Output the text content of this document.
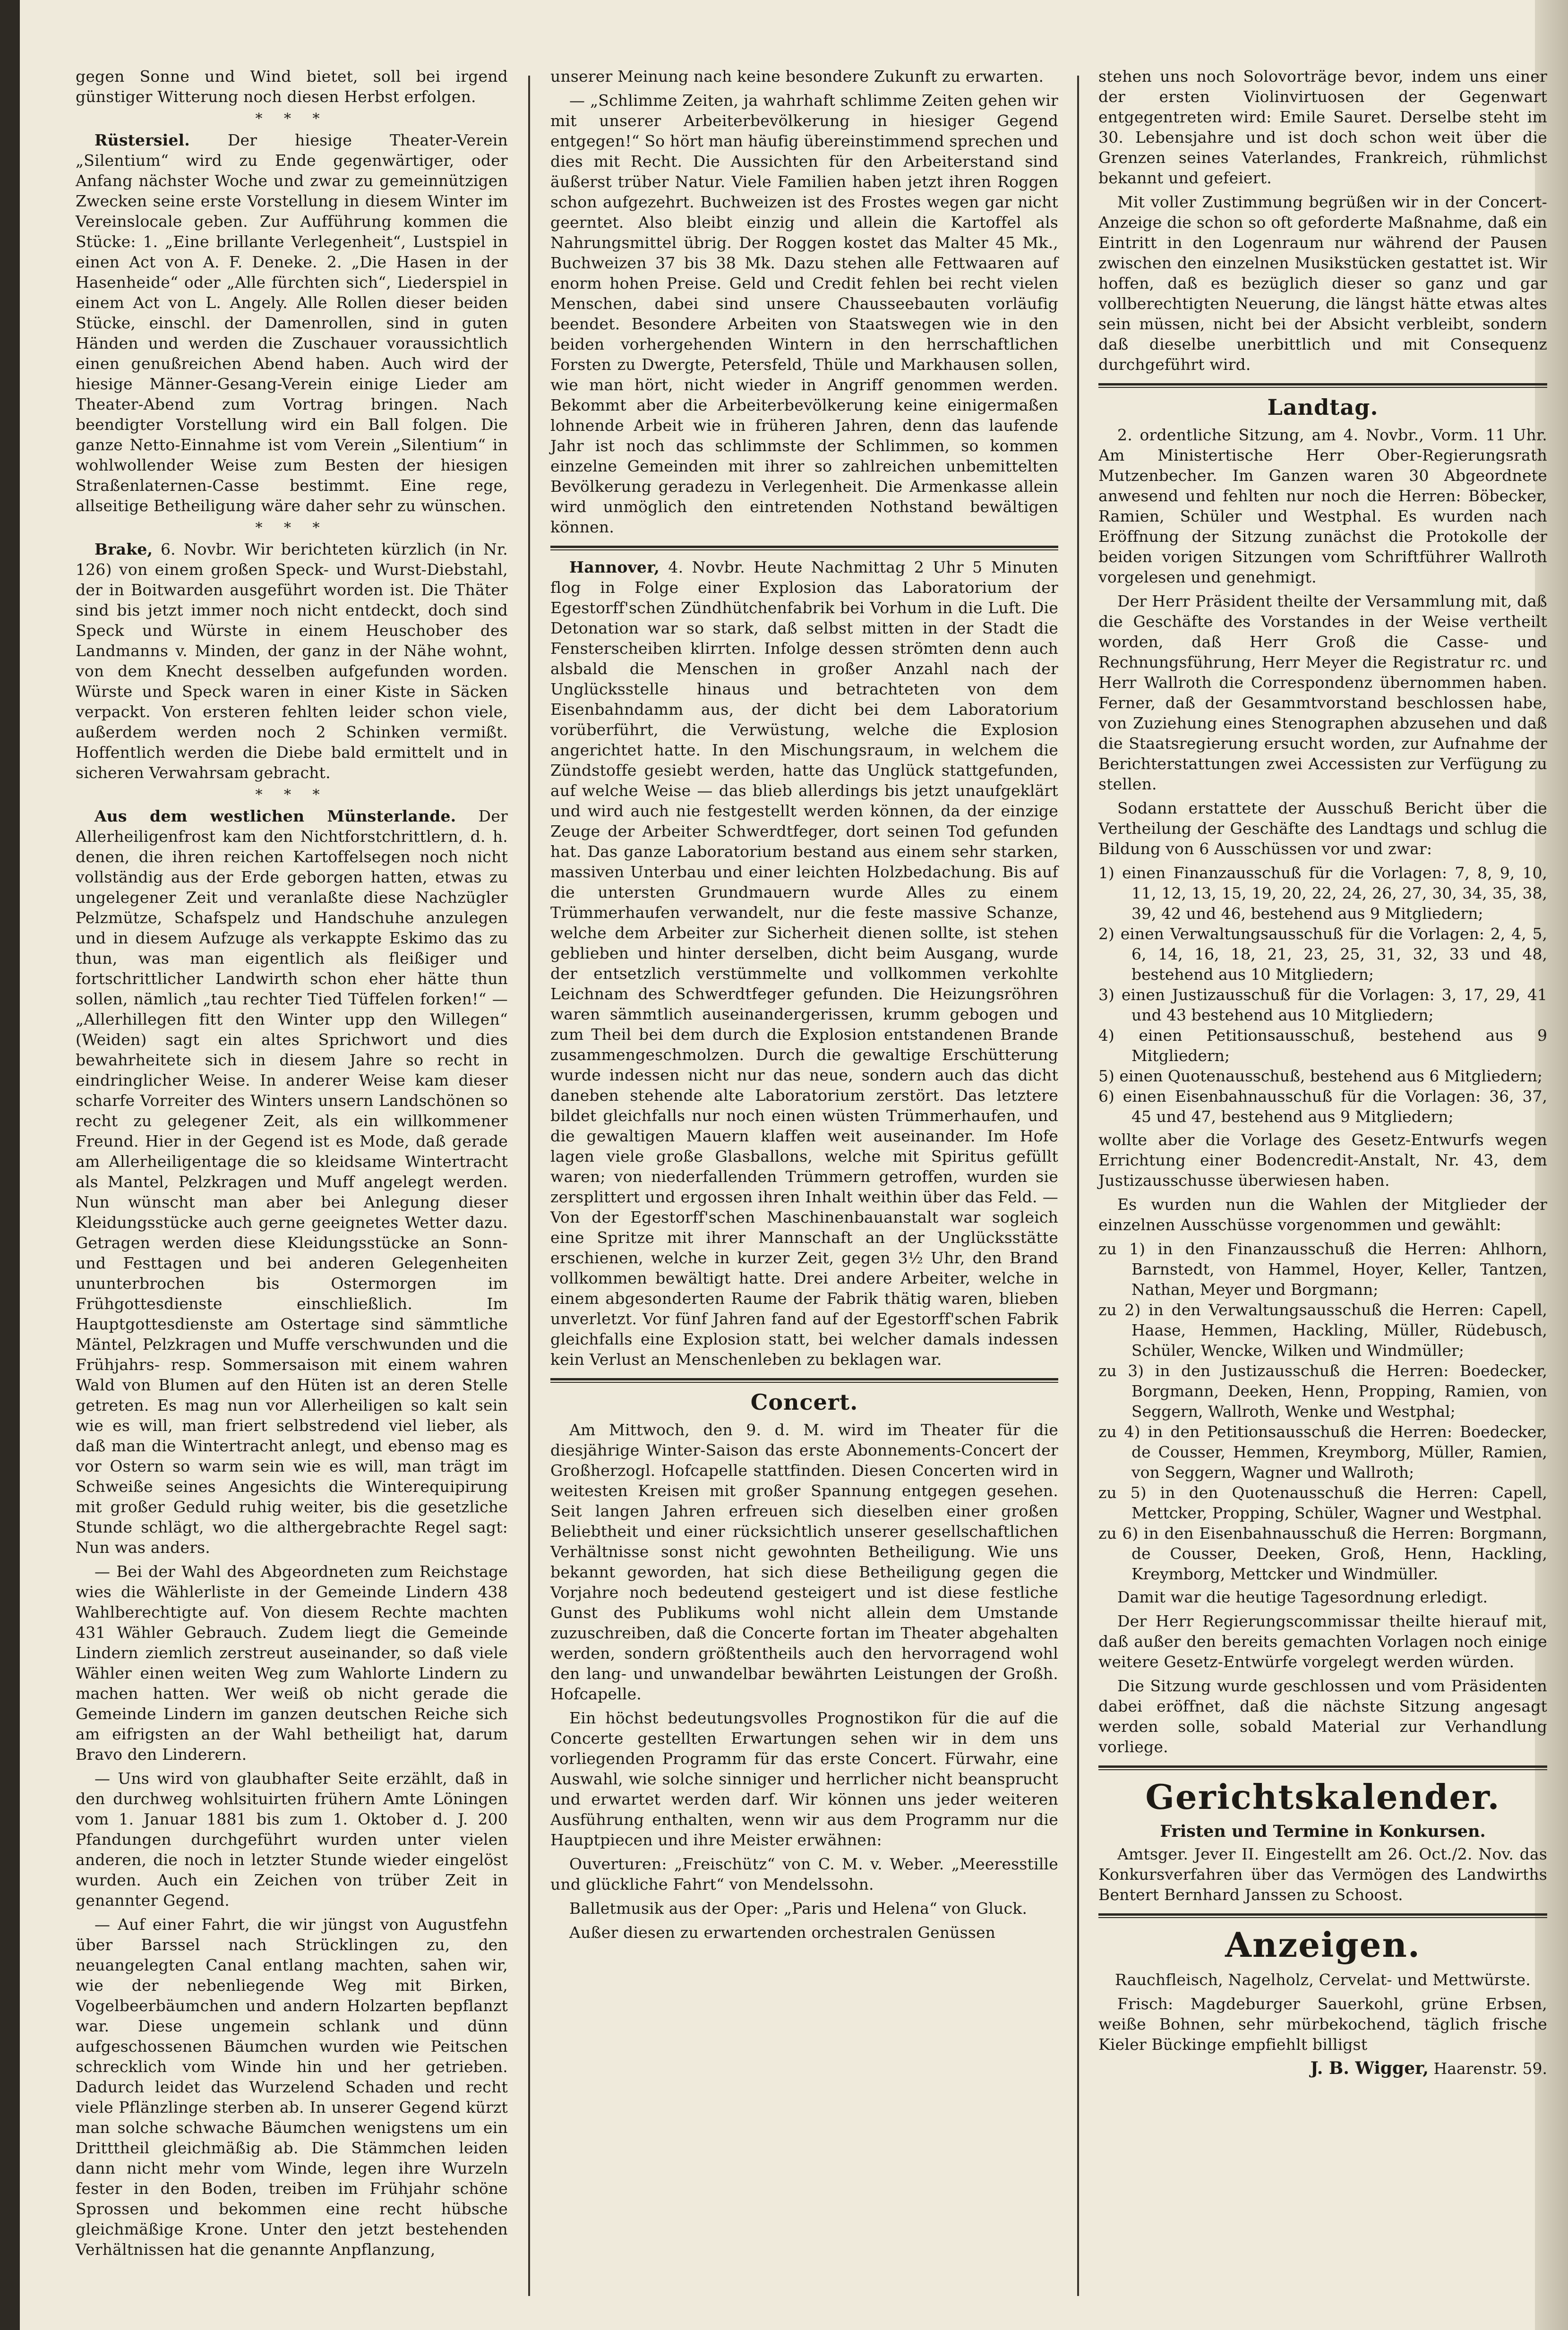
gegen Sonne und Wind bietet, soll bei irgend günstiger Witterung noch diesen Herbst erfolgen.

* * *

Rüstersiel. Der hiesige Theater-Verein „Silentium“ wird zu Ende gegenwärtiger, oder Anfang nächster Woche und zwar zu gemeinnützigen Zwecken seine erste Vorstellung in diesem Winter im Vereinslocale geben. Zur Aufführung kommen die Stücke: 1. „Eine brillante Verlegenheit“, Lustspiel in einen Act von A. F. Deneke. 2. „Die Hasen in der Hasenheide“ oder „Alle fürchten sich“, Liederspiel in einem Act von L. Angely. Alle Rollen dieser beiden Stücke, einschl. der Damenrollen, sind in guten Händen und werden die Zuschauer voraussichtlich einen genußreichen Abend haben. Auch wird der hiesige Männer-Gesang-Verein einige Lieder am Theater-Abend zum Vortrag bringen. Nach beendigter Vorstellung wird ein Ball folgen. Die ganze Netto-Einnahme ist vom Verein „Silentium“ in wohlwollender Weise zum Besten der hiesigen Straßenlaternen-Casse bestimmt. Eine rege, allseitige Betheiligung wäre daher sehr zu wünschen.

* * *

Brake, 6. Novbr. Wir berichteten kürzlich (in Nr. 126) von einem großen Speck- und Wurst-Diebstahl, der in Boitwarden ausgeführt worden ist. Die Thäter sind bis jetzt immer noch nicht entdeckt, doch sind Speck und Würste in einem Heuschober des Landmanns v. Minden, der ganz in der Nähe wohnt, von dem Knecht desselben aufgefunden worden. Würste und Speck waren in einer Kiste in Säcken verpackt. Von ersteren fehlten leider schon viele, außerdem werden noch 2 Schinken vermißt. Hoffentlich werden die Diebe bald ermittelt und in sicheren Verwahrsam gebracht.

* * *

Aus dem westlichen Münsterlande. Der Allerheiligenfrost kam den Nichtforstchrittlern, d. h. denen, die ihren reichen Kartoffelsegen noch nicht vollständig aus der Erde geborgen hatten, etwas zu ungelegener Zeit und veranlaßte diese Nachzügler Pelzmütze, Schafspelz und Handschuhe anzulegen und in diesem Aufzuge als verkappte Eskimo das zu thun, was man eigentlich als fleißiger und fortschrittlicher Landwirth schon eher hätte thun sollen, nämlich „tau rechter Tied Tüffelen forken!“ — „Allerhillegen fitt den Winter upp den Willegen“ (Weiden) sagt ein altes Sprichwort und dies bewahrheitete sich in diesem Jahre so recht in eindringlicher Weise. In anderer Weise kam dieser scharfe Vorreiter des Winters unsern Landschönen so recht zu gelegener Zeit, als ein willkommener Freund. Hier in der Gegend ist es Mode, daß gerade am Allerheiligentage die so kleidsame Wintertracht als Mantel, Pelzkragen und Muff angelegt werden. Nun wünscht man aber bei Anlegung dieser Kleidungsstücke auch gerne geeignetes Wetter dazu. Getragen werden diese Kleidungsstücke an Sonn- und Festtagen und bei anderen Gelegenheiten ununterbrochen bis Ostermorgen im Frühgottesdienste einschließlich. Im Hauptgottesdienste am Ostertage sind sämmtliche Mäntel, Pelzkragen und Muffe verschwunden und die Frühjahrs- resp. Sommersaison mit einem wahren Wald von Blumen auf den Hüten ist an deren Stelle getreten. Es mag nun vor Allerheiligen so kalt sein wie es will, man friert selbstredend viel lieber, als daß man die Wintertracht anlegt, und ebenso mag es vor Ostern so warm sein wie es will, man trägt im Schweiße seines Angesichts die Winterequipirung mit großer Geduld ruhig weiter, bis die gesetzliche Stunde schlägt, wo die althergebrachte Regel sagt: Nun was anders.

— Bei der Wahl des Abgeordneten zum Reichstage wies die Wählerliste in der Gemeinde Lindern 438 Wahlberechtigte auf. Von diesem Rechte machten 431 Wähler Gebrauch. Zudem liegt die Gemeinde Lindern ziemlich zerstreut auseinander, so daß viele Wähler einen weiten Weg zum Wahlorte Lindern zu machen hatten. Wer weiß ob nicht gerade die Gemeinde Lindern im ganzen deutschen Reiche sich am eifrigsten an der Wahl betheiligt hat, darum Bravo den Linderern.

— Uns wird von glaubhafter Seite erzählt, daß in den durchweg wohlsituirten frühern Amte Löningen vom 1. Januar 1881 bis zum 1. Oktober d. J. 200 Pfandungen durchgeführt wurden unter vielen anderen, die noch in letzter Stunde wieder eingelöst wurden. Auch ein Zeichen von trüber Zeit in genannter Gegend.

— Auf einer Fahrt, die wir jüngst von Augustfehn über Barssel nach Strücklingen zu, den neuangelegten Canal entlang machten, sahen wir, wie der nebenliegende Weg mit Birken, Vogelbeerbäumchen und andern Holzarten bepflanzt war. Diese ungemein schlank und dünn aufgeschossenen Bäumchen wurden wie Peitschen schrecklich vom Winde hin und her getrieben. Dadurch leidet das Wurzelend Schaden und recht viele Pflänzlinge sterben ab. In unserer Gegend kürzt man solche schwache Bäumchen wenigstens um ein Dritttheil gleichmäßig ab. Die Stämmchen leiden dann nicht mehr vom Winde, legen ihre Wurzeln fester in den Boden, treiben im Frühjahr schöne Sprossen und bekommen eine recht hübsche gleichmäßige Krone. Unter den jetzt bestehenden Verhältnissen hat die genannte Anpflanzung,

unserer Meinung nach keine besondere Zukunft zu erwarten.

— „Schlimme Zeiten, ja wahrhaft schlimme Zeiten gehen wir mit unserer Arbeiterbevölkerung in hiesiger Gegend entgegen!“ So hört man häufig übereinstimmend sprechen und dies mit Recht. Die Aussichten für den Arbeiterstand sind äußerst trüber Natur. Viele Familien haben jetzt ihren Roggen schon aufgezehrt. Buchweizen ist des Frostes wegen gar nicht geerntet. Also bleibt einzig und allein die Kartoffel als Nahrungsmittel übrig. Der Roggen kostet das Malter 45 Mk., Buchweizen 37 bis 38 Mk. Dazu stehen alle Fettwaaren auf enorm hohen Preise. Geld und Credit fehlen bei recht vielen Menschen, dabei sind unsere Chausseebauten vorläufig beendet. Besondere Arbeiten von Staatswegen wie in den beiden vorhergehenden Wintern in den herrschaftlichen Forsten zu Dwergte, Petersfeld, Thüle und Markhausen sollen, wie man hört, nicht wieder in Angriff genommen werden. Bekommt aber die Arbeiterbevölkerung keine einigermaßen lohnende Arbeit wie in früheren Jahren, denn das laufende Jahr ist noch das schlimmste der Schlimmen, so kommen einzelne Gemeinden mit ihrer so zahlreichen unbemittelten Bevölkerung geradezu in Verlegenheit. Die Armenkasse allein wird unmöglich den eintretenden Nothstand bewältigen können.

Hannover, 4. Novbr. Heute Nachmittag 2 Uhr 5 Minuten flog in Folge einer Explosion das Laboratorium der Egestorff'schen Zündhütchenfabrik bei Vorhum in die Luft. Die Detonation war so stark, daß selbst mitten in der Stadt die Fensterscheiben klirrten. Infolge dessen strömten denn auch alsbald die Menschen in großer Anzahl nach der Unglücksstelle hinaus und betrachteten von dem Eisenbahndamm aus, der dicht bei dem Laboratorium vorüberführt, die Verwüstung, welche die Explosion angerichtet hatte. In den Mischungsraum, in welchem die Zündstoffe gesiebt werden, hatte das Unglück stattgefunden, auf welche Weise — das blieb allerdings bis jetzt unaufgeklärt und wird auch nie festgestellt werden können, da der einzige Zeuge der Arbeiter Schwerdtfeger, dort seinen Tod gefunden hat. Das ganze Laboratorium bestand aus einem sehr starken, massiven Unterbau und einer leichten Holzbedachung. Bis auf die untersten Grundmauern wurde Alles zu einem Trümmerhaufen verwandelt, nur die feste massive Schanze, welche dem Arbeiter zur Sicherheit dienen sollte, ist stehen geblieben und hinter derselben, dicht beim Ausgang, wurde der entsetzlich verstümmelte und vollkommen verkohlte Leichnam des Schwerdtfeger gefunden. Die Heizungsröhren waren sämmtlich auseinandergerissen, krumm gebogen und zum Theil bei dem durch die Explosion entstandenen Brande zusammengeschmolzen. Durch die gewaltige Erschütterung wurde indessen nicht nur das neue, sondern auch das dicht daneben stehende alte Laboratorium zerstört. Das letztere bildet gleichfalls nur noch einen wüsten Trümmerhaufen, und die gewaltigen Mauern klaffen weit auseinander. Im Hofe lagen viele große Glasballons, welche mit Spiritus gefüllt waren; von niederfallenden Trümmern getroffen, wurden sie zersplittert und ergossen ihren Inhalt weithin über das Feld. — Von der Egestorff'schen Maschinenbauanstalt war sogleich eine Spritze mit ihrer Mannschaft an der Unglücksstätte erschienen, welche in kurzer Zeit, gegen 3½ Uhr, den Brand vollkommen bewältigt hatte. Drei andere Arbeiter, welche in einem abgesonderten Raume der Fabrik thätig waren, blieben unverletzt. Vor fünf Jahren fand auf der Egestorff'schen Fabrik gleichfalls eine Explosion statt, bei welcher damals indessen kein Verlust an Menschenleben zu beklagen war.

Concert.

Am Mittwoch, den 9. d. M. wird im Theater für die diesjährige Winter-Saison das erste Abonnements-Concert der Großherzogl. Hofcapelle stattfinden. Diesen Concerten wird in weitesten Kreisen mit großer Spannung entgegen gesehen. Seit langen Jahren erfreuen sich dieselben einer großen Beliebtheit und einer rücksichtlich unserer gesellschaftlichen Verhältnisse sonst nicht gewohnten Betheiligung. Wie uns bekannt geworden, hat sich diese Betheiligung gegen die Vorjahre noch bedeutend gesteigert und ist diese festliche Gunst des Publikums wohl nicht allein dem Umstande zuzuschreiben, daß die Concerte fortan im Theater abgehalten werden, sondern größtentheils auch den hervorragend wohl den lang- und unwandelbar bewährten Leistungen der Großh. Hofcapelle.

Ein höchst bedeutungsvolles Prognostikon für die auf die Concerte gestellten Erwartungen sehen wir in dem uns vorliegenden Programm für das erste Concert. Fürwahr, eine Auswahl, wie solche sinniger und herrlicher nicht beansprucht und erwartet werden darf. Wir können uns jeder weiteren Ausführung enthalten, wenn wir aus dem Programm nur die Hauptpiecen und ihre Meister erwähnen:

Ouverturen: „Freischütz“ von C. M. v. Weber. „Meeresstille und glückliche Fahrt“ von Mendelssohn.

Balletmusik aus der Oper: „Paris und Helena“ von Gluck.

Außer diesen zu erwartenden orchestralen Genüssen

stehen uns noch Solovorträge bevor, indem uns einer der ersten Violinvirtuosen der Gegenwart entgegentreten wird: Emile Sauret. Derselbe steht im 30. Lebensjahre und ist doch schon weit über die Grenzen seines Vaterlandes, Frankreich, rühmlichst bekannt und gefeiert.

Mit voller Zustimmung begrüßen wir in der Concert-Anzeige die schon so oft geforderte Maßnahme, daß ein Eintritt in den Logenraum nur während der Pausen zwischen den einzelnen Musikstücken gestattet ist. Wir hoffen, daß es bezüglich dieser so ganz und gar vollberechtigten Neuerung, die längst hätte etwas altes sein müssen, nicht bei der Absicht verbleibt, sondern daß dieselbe unerbittlich und mit Consequenz durchgeführt wird.

Landtag.

2. ordentliche Sitzung, am 4. Novbr., Vorm. 11 Uhr. Am Ministertische Herr Ober-Regierungsrath Mutzenbecher. Im Ganzen waren 30 Abgeordnete anwesend und fehlten nur noch die Herren: Böbecker, Ramien, Schüler und Westphal. Es wurden nach Eröffnung der Sitzung zunächst die Protokolle der beiden vorigen Sitzungen vom Schriftführer Wallroth vorgelesen und genehmigt.

Der Herr Präsident theilte der Versammlung mit, daß die Geschäfte des Vorstandes in der Weise vertheilt worden, daß Herr Groß die Casse- und Rechnungsführung, Herr Meyer die Registratur rc. und Herr Wallroth die Correspondenz übernommen haben. Ferner, daß der Gesammtvorstand beschlossen habe, von Zuziehung eines Stenographen abzusehen und daß die Staatsregierung ersucht worden, zur Aufnahme der Berichterstattungen zwei Accessisten zur Verfügung zu stellen.

Sodann erstattete der Ausschuß Bericht über die Vertheilung der Geschäfte des Landtags und schlug die Bildung von 6 Ausschüssen vor und zwar:

1) einen Finanzausschuß für die Vorlagen: 7, 8, 9, 10, 11, 12, 13, 15, 19, 20, 22, 24, 26, 27, 30, 34, 35, 38, 39, 42 und 46, bestehend aus 9 Mitgliedern;
2) einen Verwaltungsausschuß für die Vorlagen: 2, 4, 5, 6, 14, 16, 18, 21, 23, 25, 31, 32, 33 und 48, bestehend aus 10 Mitgliedern;
3) einen Justizausschuß für die Vorlagen: 3, 17, 29, 41 und 43 bestehend aus 10 Mitgliedern;
4) einen Petitionsausschuß, bestehend aus 9 Mitgliedern;
5) einen Quotenausschuß, bestehend aus 6 Mitgliedern;
6) einen Eisenbahnausschuß für die Vorlagen: 36, 37, 45 und 47, bestehend aus 9 Mitgliedern;

wollte aber die Vorlage des Gesetz-Entwurfs wegen Errichtung einer Bodencredit-Anstalt, Nr. 43, dem Justizausschusse überwiesen haben.

Es wurden nun die Wahlen der Mitglieder der einzelnen Ausschüsse vorgenommen und gewählt:

zu 1) in den Finanzausschuß die Herren: Ahlhorn, Barnstedt, von Hammel, Hoyer, Keller, Tantzen, Nathan, Meyer und Borgmann;
zu 2) in den Verwaltungsausschuß die Herren: Capell, Haase, Hemmen, Hackling, Müller, Rüdebusch, Schüler, Wencke, Wilken und Windmüller;
zu 3) in den Justizausschuß die Herren: Boedecker, Borgmann, Deeken, Henn, Propping, Ramien, von Seggern, Wallroth, Wenke und Westphal;
zu 4) in den Petitionsausschuß die Herren: Boedecker, de Cousser, Hemmen, Kreymborg, Müller, Ramien, von Seggern, Wagner und Wallroth;
zu 5) in den Quotenausschuß die Herren: Capell, Mettcker, Propping, Schüler, Wagner und Westphal.
zu 6) in den Eisenbahnausschuß die Herren: Borgmann, de Cousser, Deeken, Groß, Henn, Hackling, Kreymborg, Mettcker und Windmüller.

Damit war die heutige Tagesordnung erledigt.

Der Herr Regierungscommissar theilte hierauf mit, daß außer den bereits gemachten Vorlagen noch einige weitere Gesetz-Entwürfe vorgelegt werden würden.

Die Sitzung wurde geschlossen und vom Präsidenten dabei eröffnet, daß die nächste Sitzung angesagt werden solle, sobald Material zur Verhandlung vorliege.

Gerichtskalender.
Fristen und Termine in Konkursen.

Amtsger. Jever II. Eingestellt am 26. Oct./2. Nov. das Konkursverfahren über das Vermögen des Landwirths Bentert Bernhard Janssen zu Schoost.

Anzeigen.

Rauchfleisch, Nagelholz, Cervelat- und Mettwürste.

Frisch: Magdeburger Sauerkohl, grüne Erbsen, weiße Bohnen, sehr mürbekochend, täglich frische Kieler Bückinge empfiehlt billigst

J. B. Wigger, Haarenstr. 59.
